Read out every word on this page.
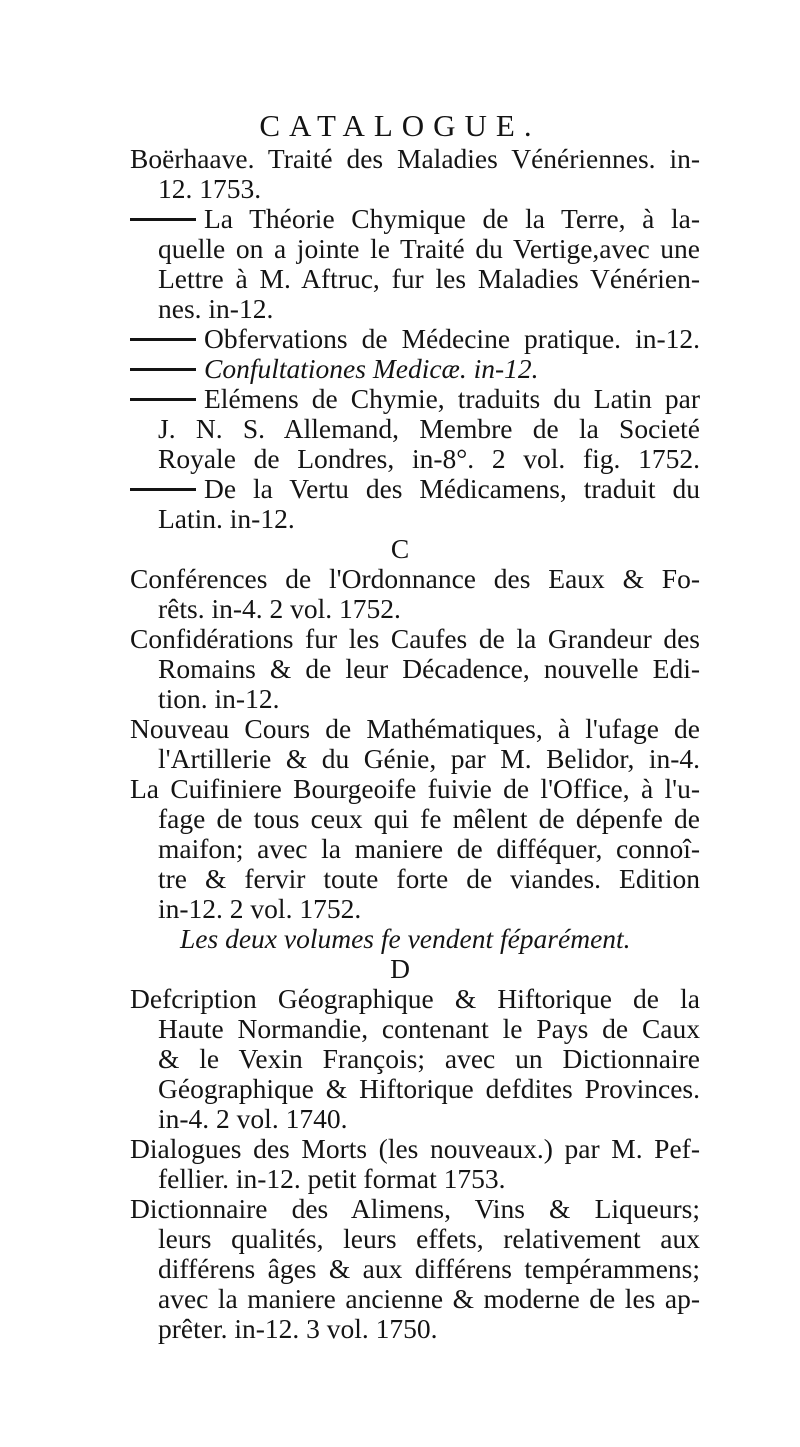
CATALOGUE.
Boërhaave. Traité des Maladies Vénériennes. in-
12. 1753.
La Théorie Chymique de la Terre, à la-
quelle on a jointe le Traité du Vertige,avec une
Lettre à M. Aftruc, fur les Maladies Vénérien-
nes. in-12.
Obfervations de Médecine pratique. in-12.
Confultationes Medicæ. in-12.
Elémens de Chymie, traduits du Latin par
J. N. S. Allemand, Membre de la Societé
Royale de Londres, in-8°. 2 vol. fig. 1752.
De la Vertu des Médicamens, traduit du
Latin. in-12.
C
Conférences de l'Ordonnance des Eaux & Fo-
rêts. in-4. 2 vol. 1752.
Confidérations fur les Caufes de la Grandeur des
Romains & de leur Décadence, nouvelle Edi-
tion. in-12.
Nouveau Cours de Mathématiques, à l'ufage de
l'Artillerie & du Génie, par M. Belidor, in-4.
La Cuifiniere Bourgeoife fuivie de l'Office, à l'u-
fage de tous ceux qui fe mêlent de dépenfe de
maifon; avec la maniere de difféquer, connoî-
tre & fervir toute forte de viandes. Edition
in-12. 2 vol. 1752.
Les deux volumes fe vendent féparément.
D
Defcription Géographique & Hiftorique de la
Haute Normandie, contenant le Pays de Caux
& le Vexin François; avec un Dictionnaire
Géographique & Hiftorique defdites Provinces.
in-4. 2 vol. 1740.
Dialogues des Morts (les nouveaux.) par M. Pef-
fellier. in-12. petit format 1753.
Dictionnaire des Alimens, Vins & Liqueurs;
leurs qualités, leurs effets, relativement aux
différens âges & aux différens tempérammens;
avec la maniere ancienne & moderne de les ap-
prêter. in-12. 3 vol. 1750.
